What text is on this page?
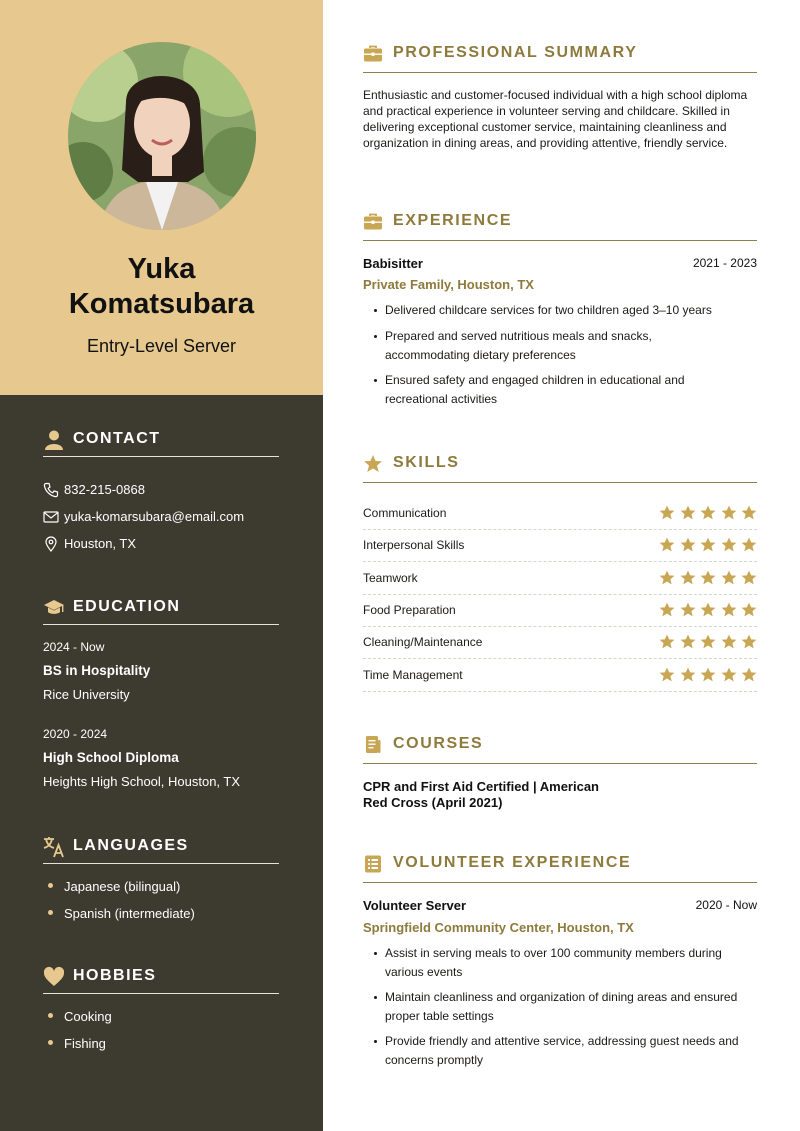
Yuka
Komatsubara
Entry-Level Server
CONTACT
832-215-0868
yuka-komarsubara@email.com
Houston, TX
EDUCATION
2024 - Now
BS in Hospitality
Rice University
2020 - 2024
High School Diploma
Heights High School, Houston, TX
LANGUAGES
Japanese (bilingual)
Spanish (intermediate)
HOBBIES
Cooking
Fishing
PROFESSIONAL SUMMARY
Enthusiastic and customer-focused individual with a high school diploma and practical experience in volunteer serving and childcare. Skilled in delivering exceptional customer service, maintaining cleanliness and organization in dining areas, and providing attentive, friendly service.
EXPERIENCE
Babisitter	2021 - 2023
Private Family, Houston, TX
Delivered childcare services for two children aged 3–10 years
Prepared and served nutritious meals and snacks, accommodating dietary preferences
Ensured safety and engaged children in educational and recreational activities
SKILLS
Communication
Interpersonal Skills
Teamwork
Food Preparation
Cleaning/Maintenance
Time Management
COURSES
CPR and First Aid Certified | American Red Cross (April 2021)
VOLUNTEER EXPERIENCE
Volunteer Server	2020 - Now
Springfield Community Center, Houston, TX
Assist in serving meals to over 100 community members during various events
Maintain cleanliness and organization of dining areas and ensured proper table settings
Provide friendly and attentive service, addressing guest needs and concerns promptly
